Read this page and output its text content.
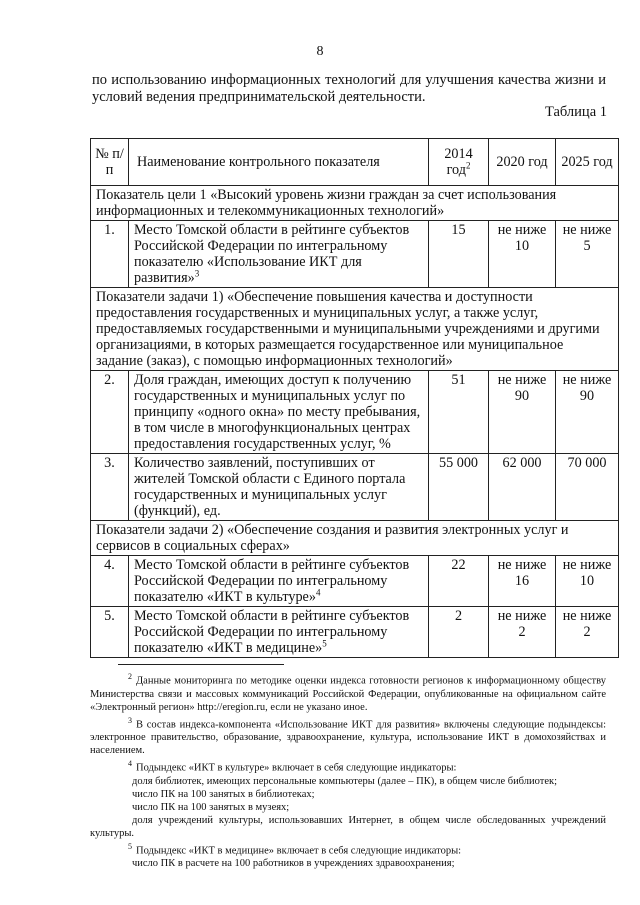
8
по использованию информационных технологий для улучшения качества жизни и условий ведения предпринимательской деятельности.
Таблица 1
№ п/п	Наименование контрольного показателя	2014 год$^2$	2020 год	2025 год
Показатель цели 1 «Высокий уровень жизни граждан за счет использования информационных и телекоммуникационных технологий»				
1.	Место Томской области в рейтинге субъектов Российской Федерации по интегральному показателю «Использование ИКТ для развития»$^3$	15	не ниже 10	не ниже 5
Показатели задачи 1) «Обеспечение повышения качества и доступности предоставления государственных и муниципальных услуг, а также услуг, предоставляемых государственными и муниципальными учреждениями и другими организациями, в которых размещается государственное или муниципальное задание (заказ), с помощью информационных технологий»				
2.	Доля граждан, имеющих доступ к получению государственных и муниципальных услуг по принципу «одного окна» по месту пребывания, в том числе в многофункциональных центрах предоставления государственных услуг, %	51	не ниже 90	не ниже 90
3.	Количество заявлений, поступивших от жителей Томской области с Единого портала государственных и муниципальных услуг (функций), ед.	55 000	62 000	70 000
Показатели задачи 2) «Обеспечение создания и развития электронных услуг и сервисов в социальных сферах»				
4.	Место Томской области в рейтинге субъектов Российской Федерации по интегральному показателю «ИКТ в культуре»$^4$	22	не ниже 16	не ниже 10
5.	Место Томской области в рейтинге субъектов Российской Федерации по интегральному показателю «ИКТ в медицине»$^5$	2	не ниже 2	не ниже 2

$^2$ Данные мониторинга по методике оценки индекса готовности регионов к информационному обществу Министерства связи и массовых коммуникаций Российской Федерации, опубликованные на официальном сайте «Электронный регион» http://eregion.ru, если не указано иное.

$^3$ В состав индекса-компонента «Использование ИКТ для развития» включены следующие подындексы: электронное правительство, образование, здравоохранение, культура, использование ИКТ в домохозяйствах и населением.

$^4$ Подындекс «ИКТ в культуре» включает в себя следующие индикаторы:

доля библиотек, имеющих персональные компьютеры (далее – ПК), в общем числе библиотек;

число ПК на 100 занятых в библиотеках;

число ПК на 100 занятых в музеях;

доля учреждений культуры, использовавших Интернет, в общем числе обследованных учреждений культуры.

$^5$ Подындекс «ИКТ в медицине» включает в себя следующие индикаторы:

число ПК в расчете на 100 работников в учреждениях здравоохранения;
